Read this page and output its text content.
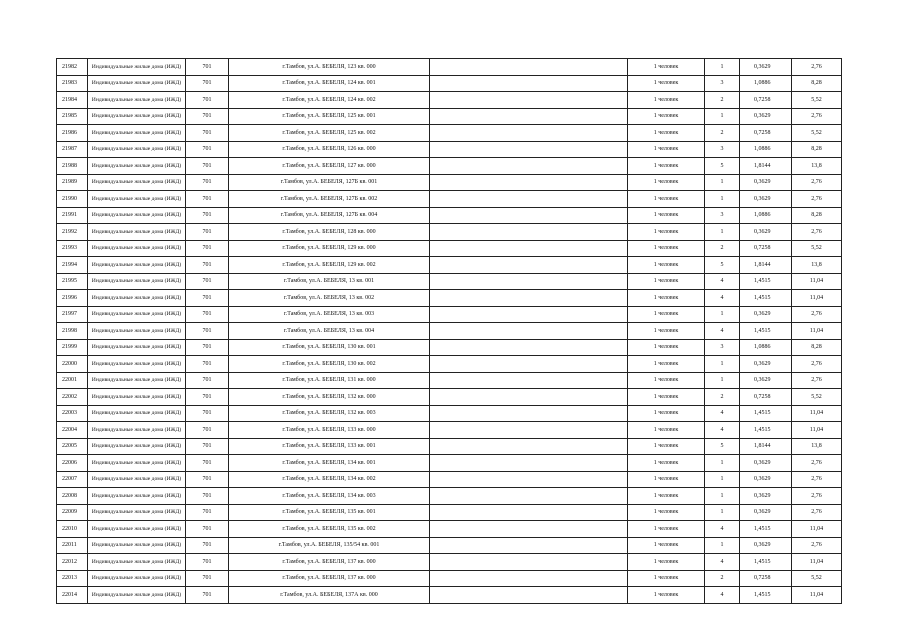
21982	Индивидуальные жилые дома (ИЖД)	701	г.Тамбов, ул.А. БЕБЕЛЯ, 123 кв. 000		1 человек	1	0,3629	2,76
21983	Индивидуальные жилые дома (ИЖД)	701	г.Тамбов, ул.А. БЕБЕЛЯ, 124 кв. 001		1 человек	3	1,0886	8,28
21984	Индивидуальные жилые дома (ИЖД)	701	г.Тамбов, ул.А. БЕБЕЛЯ, 124 кв. 002		1 человек	2	0,7258	5,52
21985	Индивидуальные жилые дома (ИЖД)	701	г.Тамбов, ул.А. БЕБЕЛЯ, 125 кв. 001		1 человек	1	0,3629	2,76
21986	Индивидуальные жилые дома (ИЖД)	701	г.Тамбов, ул.А. БЕБЕЛЯ, 125 кв. 002		1 человек	2	0,7258	5,52
21987	Индивидуальные жилые дома (ИЖД)	701	г.Тамбов, ул.А. БЕБЕЛЯ, 126 кв. 000		1 человек	3	1,0886	8,28
21988	Индивидуальные жилые дома (ИЖД)	701	г.Тамбов, ул.А. БЕБЕЛЯ, 127 кв. 000		1 человек	5	1,8144	13,8
21989	Индивидуальные жилые дома (ИЖД)	701	г.Тамбов, ул.А. БЕБЕЛЯ, 127Б кв. 001		1 человек	1	0,3629	2,76
21990	Индивидуальные жилые дома (ИЖД)	701	г.Тамбов, ул.А. БЕБЕЛЯ, 127Б кв. 002		1 человек	1	0,3629	2,76
21991	Индивидуальные жилые дома (ИЖД)	701	г.Тамбов, ул.А. БЕБЕЛЯ, 127Б кв. 004		1 человек	3	1,0886	8,28
21992	Индивидуальные жилые дома (ИЖД)	701	г.Тамбов, ул.А. БЕБЕЛЯ, 128 кв. 000		1 человек	1	0,3629	2,76
21993	Индивидуальные жилые дома (ИЖД)	701	г.Тамбов, ул.А. БЕБЕЛЯ, 129 кв. 000		1 человек	2	0,7258	5,52
21994	Индивидуальные жилые дома (ИЖД)	701	г.Тамбов, ул.А. БЕБЕЛЯ, 129 кв. 002		1 человек	5	1,8144	13,8
21995	Индивидуальные жилые дома (ИЖД)	701	г.Тамбов, ул.А. БЕБЕЛЯ, 13 кв. 001		1 человек	4	1,4515	11,04
21996	Индивидуальные жилые дома (ИЖД)	701	г.Тамбов, ул.А. БЕБЕЛЯ, 13 кв. 002		1 человек	4	1,4515	11,04
21997	Индивидуальные жилые дома (ИЖД)	701	г.Тамбов, ул.А. БЕБЕЛЯ, 13 кв. 003		1 человек	1	0,3629	2,76
21998	Индивидуальные жилые дома (ИЖД)	701	г.Тамбов, ул.А. БЕБЕЛЯ, 13 кв. 004		1 человек	4	1,4515	11,04
21999	Индивидуальные жилые дома (ИЖД)	701	г.Тамбов, ул.А. БЕБЕЛЯ, 130 кв. 001		1 человек	3	1,0886	8,28
22000	Индивидуальные жилые дома (ИЖД)	701	г.Тамбов, ул.А. БЕБЕЛЯ, 130 кв. 002		1 человек	1	0,3629	2,76
22001	Индивидуальные жилые дома (ИЖД)	701	г.Тамбов, ул.А. БЕБЕЛЯ, 131 кв. 000		1 человек	1	0,3629	2,76
22002	Индивидуальные жилые дома (ИЖД)	701	г.Тамбов, ул.А. БЕБЕЛЯ, 132 кв. 000		1 человек	2	0,7258	5,52
22003	Индивидуальные жилые дома (ИЖД)	701	г.Тамбов, ул.А. БЕБЕЛЯ, 132 кв. 003		1 человек	4	1,4515	11,04
22004	Индивидуальные жилые дома (ИЖД)	701	г.Тамбов, ул.А. БЕБЕЛЯ, 133 кв. 000		1 человек	4	1,4515	11,04
22005	Индивидуальные жилые дома (ИЖД)	701	г.Тамбов, ул.А. БЕБЕЛЯ, 133 кв. 001		1 человек	5	1,8144	13,8
22006	Индивидуальные жилые дома (ИЖД)	701	г.Тамбов, ул.А. БЕБЕЛЯ, 134 кв. 001		1 человек	1	0,3629	2,76
22007	Индивидуальные жилые дома (ИЖД)	701	г.Тамбов, ул.А. БЕБЕЛЯ, 134 кв. 002		1 человек	1	0,3629	2,76
22008	Индивидуальные жилые дома (ИЖД)	701	г.Тамбов, ул.А. БЕБЕЛЯ, 134 кв. 003		1 человек	1	0,3629	2,76
22009	Индивидуальные жилые дома (ИЖД)	701	г.Тамбов, ул.А. БЕБЕЛЯ, 135 кв. 001		1 человек	1	0,3629	2,76
22010	Индивидуальные жилые дома (ИЖД)	701	г.Тамбов, ул.А. БЕБЕЛЯ, 135 кв. 002		1 человек	4	1,4515	11,04
22011	Индивидуальные жилые дома (ИЖД)	701	г.Тамбов, ул.А. БЕБЕЛЯ, 135/54 кв. 001		1 человек	1	0,3629	2,76
22012	Индивидуальные жилые дома (ИЖД)	701	г.Тамбов, ул.А. БЕБЕЛЯ, 137 кв. 000		1 человек	4	1,4515	11,04
22013	Индивидуальные жилые дома (ИЖД)	701	г.Тамбов, ул.А. БЕБЕЛЯ, 137 кв. 000		1 человек	2	0,7258	5,52
22014	Индивидуальные жилые дома (ИЖД)	701	г.Тамбов, ул.А. БЕБЕЛЯ, 137А кв. 000		1 человек	4	1,4515	11,04
